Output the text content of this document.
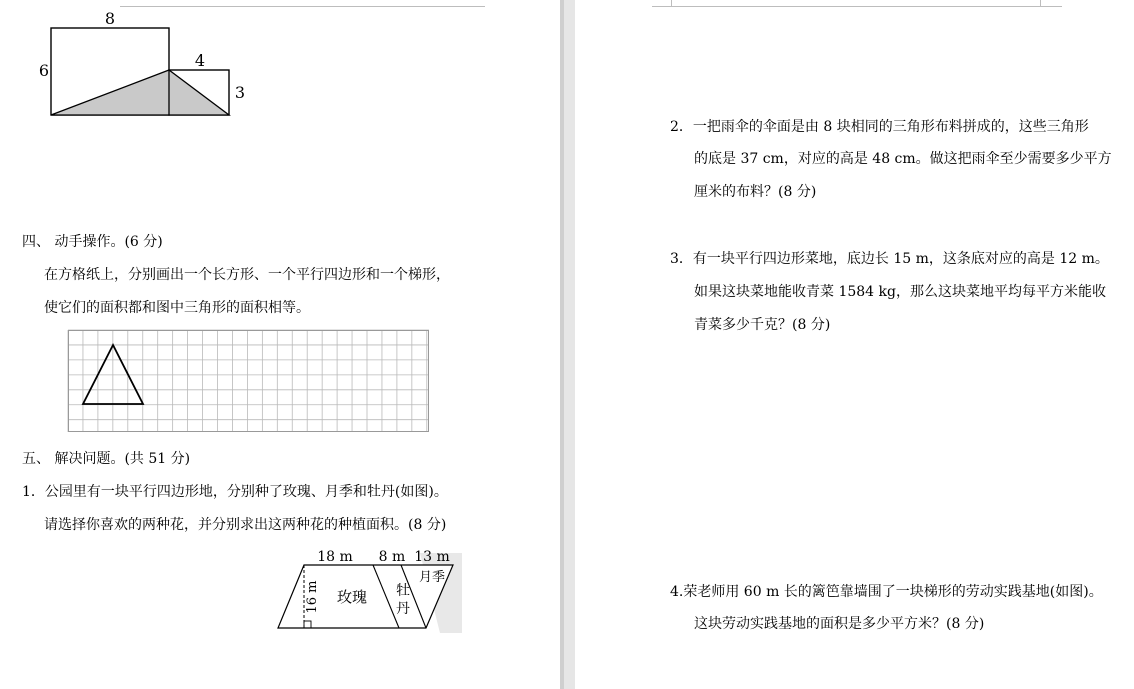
8
6
4
3
四、 动手操作。(6 分)
在方格纸上，分别画出一个长方形、一个平行四边形和一个梯形，
使它们的面积都和图中三角形的面积相等。
五、 解决问题。(共 51 分)
1．公园里有一块平行四边形地，分别种了玫瑰、月季和牡丹(如图)。
请选择你喜欢的两种花，并分别求出这两种花的种植面积。(8 分)
18 m 8 m 13 m
16 m 玫瑰 牡
丹
月季
2．一把雨伞的伞面是由 8 块相同的三角形布料拼成的，这些三角形
的底是 37 cm，对应的高是 48 cm。做这把雨伞至少需要多少平方
厘米的布料？(8 分)
3．有一块平行四边形菜地，底边长 15 m，这条底对应的高是 12 m。
如果这块菜地能收青菜 1584 kg，那么这块菜地平均每平方米能收
青菜多少千克？(8 分)
4.荣老师用 60 m 长的篱笆靠墙围了一块梯形的劳动实践基地(如图)。
这块劳动实践基地的面积是多少平方米？(8 分)
